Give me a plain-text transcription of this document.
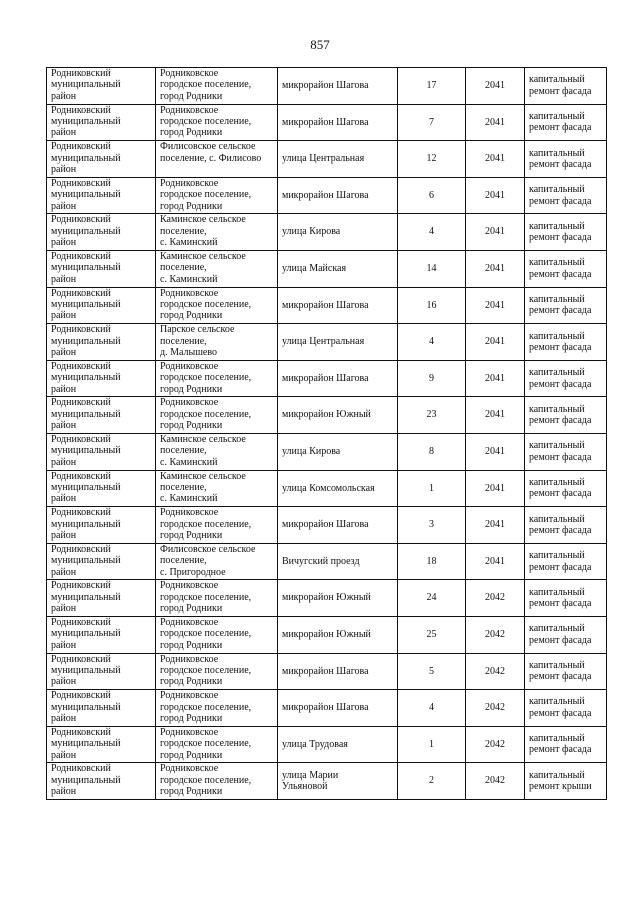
857
Родниковский
муниципальный
район	Родниковское
городское поселение,
город Родники	микрорайон Шагова	17	2041	капитальный
ремонт фасада

Родниковский
муниципальный
район	Родниковское
городское поселение,
город Родники	микрорайон Шагова	7	2041	капитальный
ремонт фасада

Родниковский
муниципальный
район	Филисовское сельское
поселение, с. Филисово	улица Центральная	12	2041	капитальный
ремонт фасада

Родниковский
муниципальный
район	Родниковское
городское поселение,
город Родники	микрорайон Шагова	6	2041	капитальный
ремонт фасада

Родниковский
муниципальный
район	Каминское сельское
поселение,
с. Каминский	улица Кирова	4	2041	капитальный
ремонт фасада

Родниковский
муниципальный
район	Каминское сельское
поселение,
с. Каминский	улица Майская	14	2041	капитальный
ремонт фасада

Родниковский
муниципальный
район	Родниковское
городское поселение,
город Родники	микрорайон Шагова	16	2041	капитальный
ремонт фасада

Родниковский
муниципальный
район	Парское сельское
поселение,
д. Малышево	улица Центральная	4	2041	капитальный
ремонт фасада

Родниковский
муниципальный
район	Родниковское
городское поселение,
город Родники	микрорайон Шагова	9	2041	капитальный
ремонт фасада

Родниковский
муниципальный
район	Родниковское
городское поселение,
город Родники	микрорайон Южный	23	2041	капитальный
ремонт фасада

Родниковский
муниципальный
район	Каминское сельское
поселение,
с. Каминский	улица Кирова	8	2041	капитальный
ремонт фасада

Родниковский
муниципальный
район	Каминское сельское
поселение,
с. Каминский	улица Комсомольская	1	2041	капитальный
ремонт фасада

Родниковский
муниципальный
район	Родниковское
городское поселение,
город Родники	микрорайон Шагова	3	2041	капитальный
ремонт фасада

Родниковский
муниципальный
район	Филисовское сельское
поселение,
с. Пригородное	Вичугский проезд	18	2041	капитальный
ремонт фасада

Родниковский
муниципальный
район	Родниковское
городское поселение,
город Родники	микрорайон Южный	24	2042	капитальный
ремонт фасада

Родниковский
муниципальный
район	Родниковское
городское поселение,
город Родники	микрорайон Южный	25	2042	капитальный
ремонт фасада

Родниковский
муниципальный
район	Родниковское
городское поселение,
город Родники	микрорайон Шагова	5	2042	капитальный
ремонт фасада

Родниковский
муниципальный
район	Родниковское
городское поселение,
город Родники	микрорайон Шагова	4	2042	капитальный
ремонт фасада

Родниковский
муниципальный
район	Родниковское
городское поселение,
город Родники	улица Трудовая	1	2042	капитальный
ремонт фасада

Родниковский
муниципальный
район	Родниковское
городское поселение,
город Родники	улица Марии
Ульяновой	2	2042	капитальный
ремонт крыши
